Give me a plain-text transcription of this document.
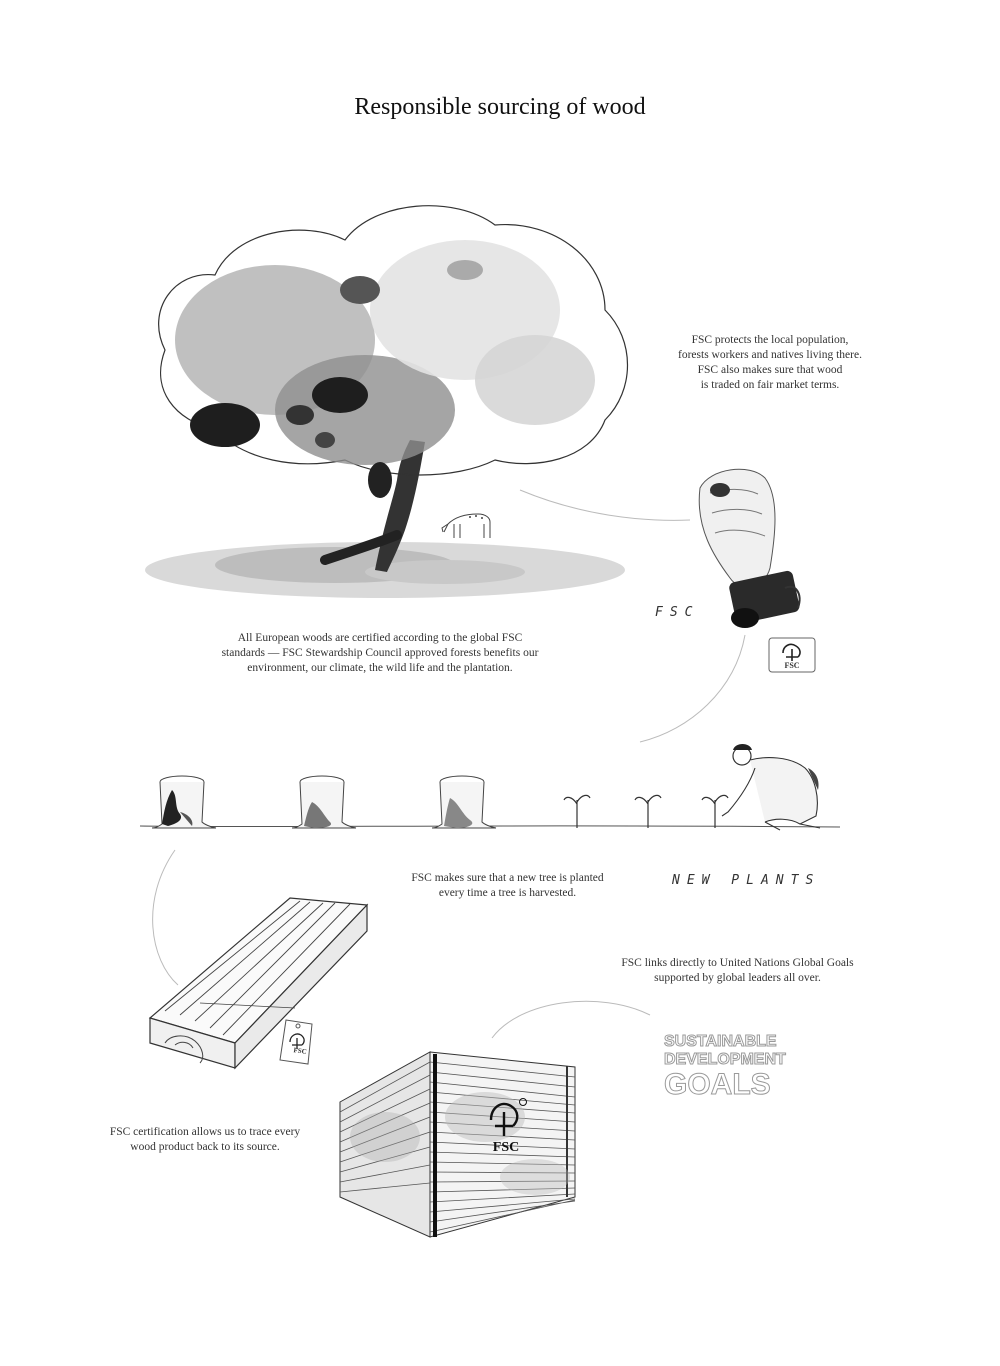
Responsible sourcing of wood
FSC
FSC
FSC protects the local population,
forests workers and natives living there.
FSC also makes sure that wood
is traded on fair market terms.
All European woods are certified according to the global FSC
standards — FSC Stewardship Council approved forests benefits our
environment, our climate, the wild life and the plantation.
FSC makes sure that a new tree is planted
every time a tree is harvested.
NEW PLANTS
FSC links directly to United Nations Global Goals
supported by global leaders all over.
SUSTAINABLE
DEVELOPMENT
GOALS
FSC
FSC certification allows us to trace every
wood product back to its source.	FSC
